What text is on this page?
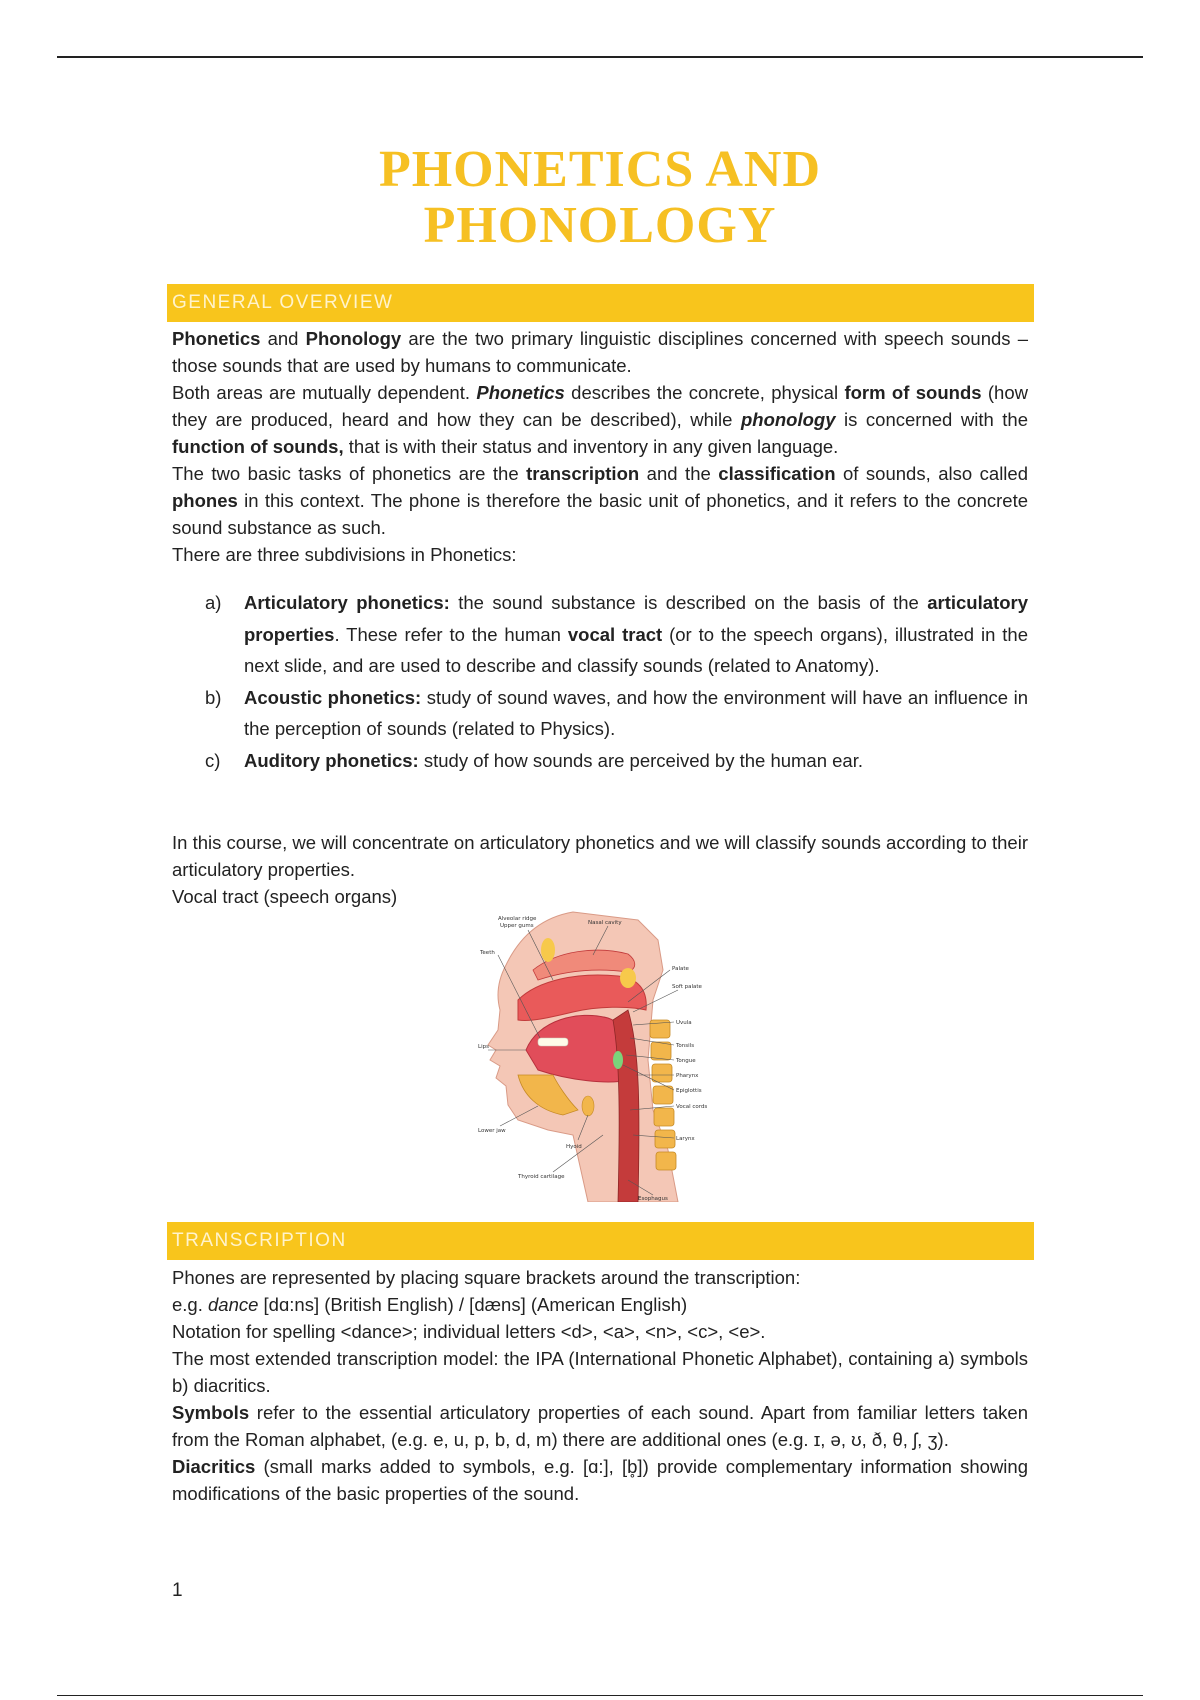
PHONETICS AND
PHONOLOGY
GENERAL OVERVIEW

Phonetics and Phonology are the two primary linguistic disciplines concerned with speech sounds – those sounds that are used by humans to communicate.

Both areas are mutually dependent. Phonetics describes the concrete, physical form of sounds (how they are produced, heard and how they can be described), while phonology is concerned with the function of sounds, that is with their status and inventory in any given language.

The two basic tasks of phonetics are the transcription and the classification of sounds, also called phones in this context. The phone is therefore the basic unit of phonetics, and it refers to the concrete sound substance as such.

There are three subdivisions in Phonetics:

a)	Articulatory phonetics: the sound substance is described on the basis of the articulatory properties. These refer to the human vocal tract (or to the speech organs), illustrated in the next slide, and are used to describe and classify sounds (related to Anatomy).
b)	Acoustic phonetics: study of sound waves, and how the environment will have an influence in the perception of sounds (related to Physics).
c)	Auditory phonetics: study of how sounds are perceived by the human ear.

In this course, we will concentrate on articulatory phonetics and we will classify sounds according to their articulatory properties.

Vocal tract (speech organs)

Alveolar ridge
Upper gums
Teeth
Lips
Lower jaw
Nasal cavity
Palate
Soft palate
Uvula
Tonsils
Tongue
Pharynx
Epiglottis
Vocal cords
Larynx
Hyoid
Thyroid cartilage
Esophagus
TRANSCRIPTION

Phones are represented by placing square brackets around the transcription:

e.g. dance [dɑ:ns] (British English) / [dæns] (American English)

Notation for spelling <dance>; individual letters <d>, <a>, <n>, <c>, <e>.

The most extended transcription model: the IPA (International Phonetic Alphabet), containing a) symbols b) diacritics.

Symbols refer to the essential articulatory properties of each sound. Apart from familiar letters taken from the Roman alphabet, (e.g. e, u, p, b, d, m) there are additional ones (e.g. ɪ, ə, ʊ, ð, θ, ʃ, ʒ).

Diacritics (small marks added to symbols, e.g. [ɑ:], [b̥]) provide complementary information showing modifications of the basic properties of the sound.

1
